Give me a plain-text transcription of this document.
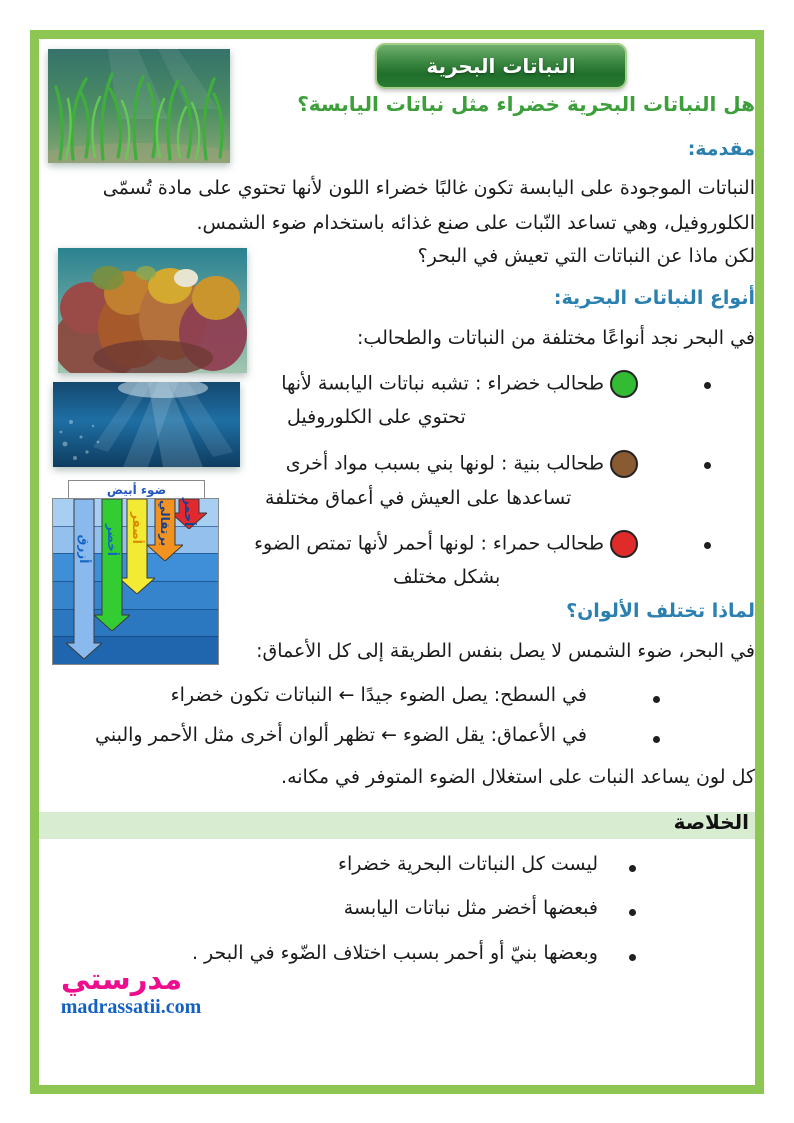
النباتات البحرية
هل النباتات البحرية خضراء مثل نباتات اليابسة؟
مقدمة:
النباتات الموجودة على اليابسة تكون غالبًا خضراء اللون لأنها تحتوي على مادة تُسمّى
الكلوروفيل، وهي تساعد النّبات على صنع غذائه باستخدام ضوء الشمس.
لكن ماذا عن النباتات التي تعيش في البحر؟
ضوء أبيض
أحمر
برتقالي
أصفر
أخضر
أزرق
أنواع النباتات البحرية:
في البحر نجد أنواعًا مختلفة من النباتات والطحالب:
طحالب خضراء : تشبه نباتات اليابسة لأنها
تحتوي على الكلوروفيل
طحالب بنية : لونها بني بسبب مواد أخرى
تساعدها على العيش في أعماق مختلفة
طحالب حمراء : لونها أحمر لأنها تمتص الضوء
بشكل مختلف
لماذا تختلف الألوان؟
في البحر، ضوء الشمس لا يصل بنفس الطريقة إلى كل الأعماق:
في السطح: يصل الضوء جيدًا ← النباتات تكون خضراء
في الأعماق: يقل الضوء ← تظهر ألوان أخرى مثل الأحمر والبني
كل لون يساعد النبات على استغلال الضوء المتوفر في مكانه.
الخلاصة
ليست كل النباتات البحرية خضراء
فبعضها أخضر مثل نباتات اليابسة
وبعضها بنيّ أو أحمر بسبب اختلاف الضّوء في البحر .
مدرستي
madrassatii.com
